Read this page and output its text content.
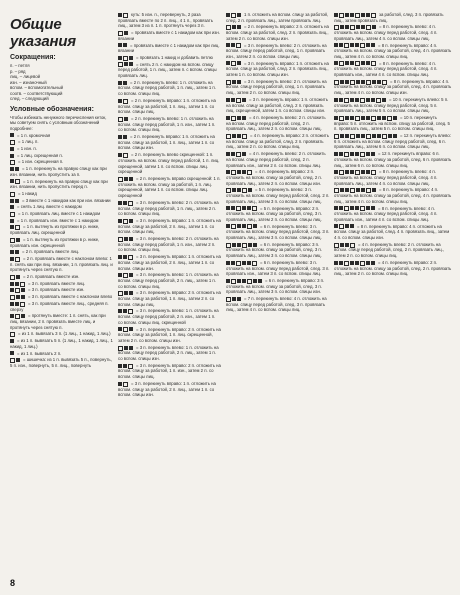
Общие указания
Сокращения:
п. – петля
р. – ряд
лиц. – лицевой
изн. – изнаночный
вспом. – вспомогательный
соотв. – соответствующий
след. – следующий
Условные обозначения:
Чтобы избежать ненужного перечисления кеток, мы советуем снять с условным обозначений подробнее:
= 1 п. кромочная
= 1 лиц. п.
= 1 изн. п.
= 1 лиц. скрещенная п.
= 1 изн. скрещенная п.
= 1 п. перекинуть на правую спицу как при изн. вязании, нить пропустить за п.
= 1 п. перекинуть на правую спицу как при изн. вязании, нить пропустить перед п.
= 1 накид
= 3 вместе с 1 накидом как при изн. вязании
= снять 1 лиц. вместе с накидом
= 1 п. провязать лиц. вместе с 1 накидом
= 1 п. провязать изн. вместе с 1 накидом
= 1 п. вытянуть из протяжки в р. ниже, провязать лиц. скрещенной
= 1 п. вытянуть из протяжки в р. ниже, провязать изн. скрещенной
= 2 п. провязать вместе лиц.
= 2 п. провязать вместе с наклоном влево: 1 п. снять как при лиц. вязании, 1 п. провязать лиц. и протянуть через снятую п.
= 2 п. провязать вместе изн.
= 3 п. провязать вместе лиц.
= 3 п. провязать вместе изн.
= 3 п. провязать вместе с наклоном влево
= 3 п. провязать вместе лиц., средняя п. сверху
= протянуть вместе: 1 п. снять, как при лиц. вязании, 2 п. провязать вместе лиц. и протянуть через снятую п.
= из 1 п. вывязать 3 п. (1 лиц., 1 накид, 1 лиц.)
= из 1 п. вывязать 5 п. (1 лиц., 1 накид, 1 лиц., 1 накид, 1 лиц.)
= из 1 п. вывязать 2 п.
= шишечка: из 1 п. вывязать 5 п., повернуть, 5 п. изн., повернуть, 5 п. лиц., повернуть
куть: 5 изн. п., перевернуть, 2 раза провязать вместе по 2 п. лиц., 4 1 п., провязать лиц., затем 3 из п. 1 п. протянуть через 3 п.
= провязать вместе с 1 накидом как при изн. вязании
= провязать вместе с 1 накидом как при лиц. вязании
= провязать 1 накид и добавить петлю
= снять 2 п. с накидом на вспом. спицу перед работой, 1 п. лиц., затем п. с вспом. спицы провязать лиц.
= 2 п. перекинуть влево: 1 п. отложить на вспом. спицу перед работой, 1 п. лиц., затем 1 п. со вспом. спицы лиц.
= 2 п. перекинуть вправо: 1 п. отложить на вспом. спицу за работой, 1 п. лиц., затем 1 п. со вспом. спицы лиц.
= 2 п. перекинуть влево: 1 п. отложить на вспом. спицу перед работой, 1 п. изн., затем 1 п. со вспом. спицы лиц.
= 2 п. перекинуть вправо: 1 п. отложить на вспом. спицу за работой, 1 п. лиц., затем 1 п. со вспом. спицы изн.
= 2 п. перекинуть влево скрещенной: 1 п. отложить на вспом. спицу перед работой, 1 п. лиц. скрещенной, затем 1 п. со вспом. спицы лиц. скрещенной
= 2 п. перекинуть вправо скрещенной: 1 п. отложить на вспом. спицу за работой, 1 п. лиц. скрещенной, затем 1 п. со вспом. спицы лиц. скрещенной
= 3 п. перекинуть влево: 2 п. отложить на вспом. спицу перед работой, 1 п. лиц., затем 2 п. со вспом. спицы лиц.
= 3 п. перекинуть вправо: 1 п. отложить на вспом. спицу за работой, 2 п. лиц., затем 1 п. со вспом. спицы лиц.
= 3 п. перекинуть влево: 2 п. отложить на вспом. спицу перед работой, 1 п. изн., затем 2 п. со вспом. спицы лиц.
= 3 п. перекинуть вправо: 1 п. отложить на вспом. спицу за работой, 2 п. лиц., затем 1 п. со вспом. спицы изн.
= 3 п. перекинуть влево: 1 п. отложить на вспом. спицу перед работой, 2 п. лиц., затем 1 п. со вспом. спицы лиц.
= 3 п. перекинуть вправо: 2 п. отложить на вспом. спицу за работой, 1 п. лиц., затем 2 п. со вспом. спицы лиц.
= 3 п. перекинуть влево: 1 п. отложить на вспом. спицу перед работой, 2 п. изн., затем 1 п. со вспом. спицы лиц. скрещенной
= 3 п. перекинуть вправо: 2 п. отложить на вспом. спицу за работой, 1 п. лиц. скрещенной, затем 2 п. со вспом. спицы изн.
= 3 п. перекинуть влево: 1 п. отложить на вспом. спицу перед работой, 2 п. лиц., затем 1 п. со вспом. спицы изн.
= 3 п. перекинуть вправо: 2 п. отложить на вспом. спицу за работой, 1 п. изн., затем 2 п. со вспом. спицы лиц.
= 3 п. перекинуть вправо: 1 п. отложить на вспом. спицу за работой, 2 п. лиц., затем 1 п. со вспом. спицы изн.
1 п. отложить на вспом. спицу за работой, след. 2 п. провязать лиц., затем провязать лиц.
= 2 п. перекинуть вправо: 2 п. отложить на вспом. спицу за работой, след. 2 п. провязать лиц., затем 2 п. со вспом. спицы изн.
= 3 п. перекинуть влево: 2 п. отложить на вспом. спицу перед работой, след. 1 п. провязать изн., затем 2 п. со вспом. спицы лиц.
= 3 п. перекинуть вправо: 1 п. отложить на вспом. спицу за работой, след. 2 п. провязать лиц., затем 1 п. со вспом. спицы изн.
= 3 п. перекинуть влево: 2 п. отложить на вспом. спицу перед работой, след. 1 п. провязать лиц., затем 2 п. со вспом. спицы лиц.
= 3 п. перекинуть вправо: 1 п. отложить на вспом. спицу за работой, след. 2 п. провязать лиц. скрещенной, затем 1 п. со вспом. спицы изн.
= 4 п. перекинуть влево: 2 п. отложить на вспом. спицу перед работой, след. 2 п. провязать лиц., затем 2 п. со вспом. спицы лиц.
= 4 п. перекинуть вправо: 2 п. отложить на вспом. спицу за работой, след. 2 п. провязать лиц., затем 2 п. со вспом. спицы лиц.
= 4 п. перекинуть влево: 2 п. отложить на вспом. спицу перед работой, след. 2 п. провязать изн., затем 2 п. со вспом. спицы лиц.
= 4 п. перекинуть вправо: 2 п. отложить на вспом. спицу за работой, след. 2 п. провязать лиц., затем 2 п. со вспом. спицы изн.
= 5 п. перекинуть влево: 3 п. отложить на вспом. спицу перед работой, след. 2 п. провязать лиц., затем 3 п. со вспом. спицы лиц.
= 5 п. перекинуть вправо: 2 п. отложить на вспом. спицу за работой, след. 3 п. провязать лиц., затем 2 п. со вспом. спицы лиц.
= 6 п. перекинуть влево: 3 п. отложить на вспом. спицу перед работой, след. 3 п. провязать лиц., затем 3 п. со вспом. спицы лиц.
= 6 п. перекинуть вправо: 3 п. отложить на вспом. спицу за работой, след. 3 п. провязать лиц., затем 3 п. со вспом. спицы лиц.
= 6 п. перекинуть влево: 3 п. отложить на вспом. спицу перед работой, след. 3 п. провязать изн., затем 3 п. со вспом. спицы лиц.
= 6 п. перекинуть вправо: 3 п. отложить на вспом. спицу за работой, след. 3 п. провязать лиц., затем 3 п. со вспом. спицы изн.
= 7 п. перекинуть влево: 4 п. отложить на вспом. спицу перед работой, след. 3 п. провязать лиц., затем 4 п. со вспом. спицы лиц.
за работой, след. 3 п. провязать лиц., затем провязать лиц.
= 8 п. перекинуть влево: 4 п. отложить на вспом. спицу перед работой, след. 4 п. провязать лиц., затем 4 п. со вспом. спицы лиц.
= 8 п. перекинуть вправо: 4 п. отложить на вспом. спицу за работой, след. 4 п. провязать лиц., затем 4 п. со вспом. спицы лиц.
= 8 п. перекинуть влево: 4 п. отложить на вспом. спицу перед работой, след. 4 п. провязать изн., затем 4 п. со вспом. спицы лиц.
= 8 п. перекинуть вправо: 4 п. отложить на вспом. спицу за работой, след. 4 п. провязать лиц., затем 4 п. со вспом. спицы изн.
= 10 п. перекинуть влево: 5 п. отложить на вспом. спицу перед работой, след. 5 п. провязать лиц., затем 5 п. со вспом. спицы лиц.
= 10 п. перекинуть вправо: 5 п. отложить на вспом. спицу за работой, след. 5 п. провязать лиц., затем 5 п. со вспом. спицы лиц.
= 12 п. перекинуть влево: 6 п. отложить на вспом. спицу перед работой, след. 6 п. провязать лиц., затем 6 п. со вспом. спицы лиц.
= 12 п. перекинуть вправо: 6 п. отложить на вспом. спицу за работой, след. 6 п. провязать лиц., затем 6 п. со вспом. спицы лиц.
= 8 п. перекинуть влево: 4 п. отложить на вспом. спицу перед работой, след. 4 п. провязать лиц., затем 4 п. со вспом. спицы лиц.
= 8 п. перекинуть вправо: 4 п. отложить на вспом. спицу за работой, след. 4 п. провязать лиц., затем 4 п. со вспом. спицы лиц.
= 8 п. перекинуть влево: 4 п. отложить на вспом. спицу перед работой, след. 4 п. провязать изн., затем 4 п. со вспом. спицы лиц.
= 8 п. перекинуть вправо: 4 п. отложить на вспом. спицу за работой, след. 4 п. провязать лиц., затем 4 п. со вспом. спицы изн.
= 4 п. перекинуть влево: 2 п. отложить на вспом. спицу перед работой, след. 2 п. провязать лиц., затем 2 п. со вспом. спицы лиц.
= 4 п. перекинуть вправо: 2 п. отложить на вспом. спицу за работой, след. 2 п. провязать лиц., затем 2 п. со вспом. спицы лиц.
8
